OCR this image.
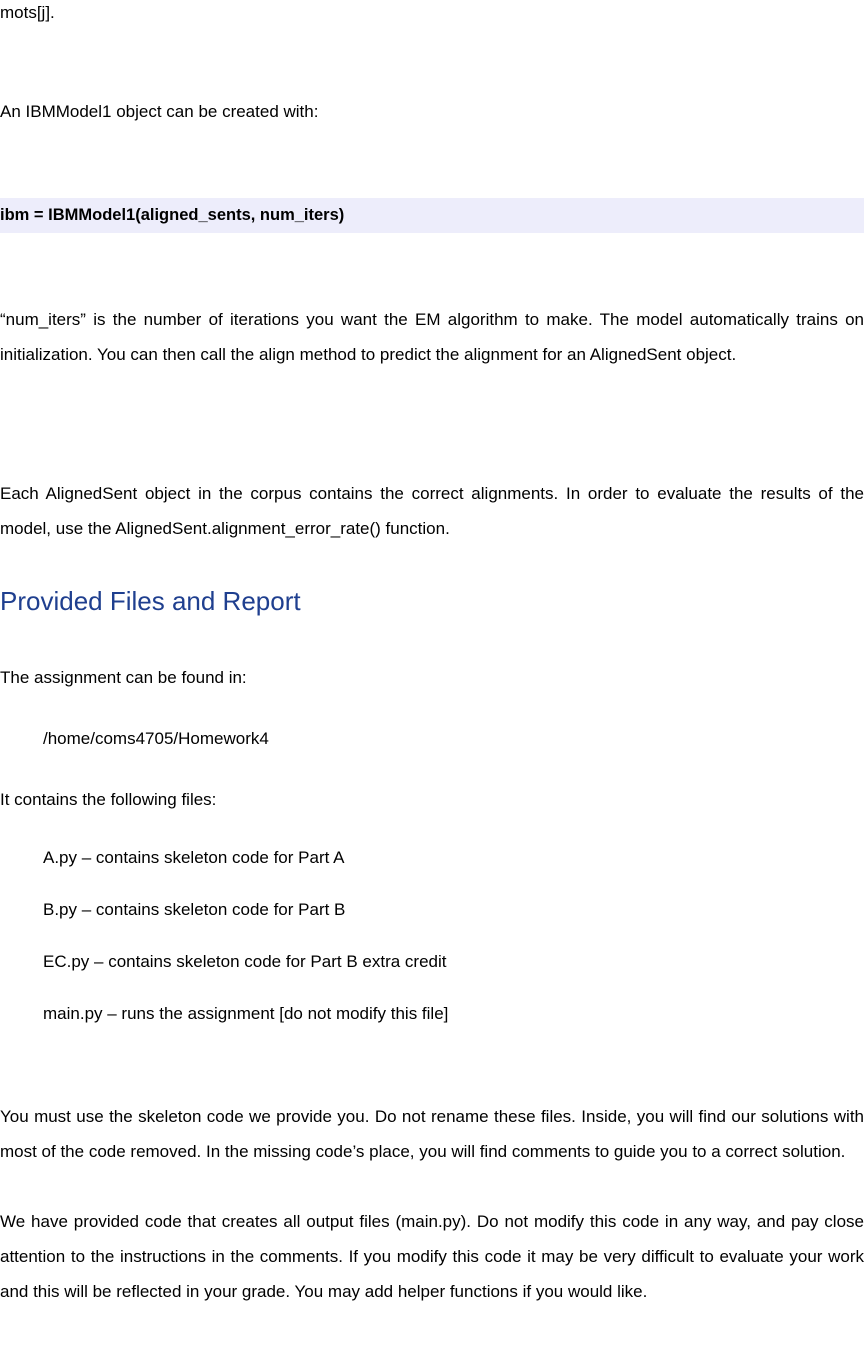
mots[j].

An IBMModel1 object can be created with:

ibm = IBMModel1(aligned_sents, num_iters)

“num_iters” is the number of iterations you want the EM algorithm to make. The model automatically trains on initialization. You can then call the align method to predict the alignment for an AlignedSent object.

Each AlignedSent object in the corpus contains the correct alignments. In order to evaluate the results of the model, use the AlignedSent.alignment_error_rate() function.

Provided Files and Report

The assignment can be found in:

/home/coms4705/Homework4

It contains the following files:

A.py – contains skeleton code for Part A

B.py – contains skeleton code for Part B

EC.py – contains skeleton code for Part B extra credit

main.py – runs the assignment [do not modify this file]

You must use the skeleton code we provide you. Do not rename these files. Inside, you will find our solutions with most of the code removed. In the missing code’s place, you will find comments to guide you to a correct solution.

We have provided code that creates all output files (main.py). Do not modify this code in any way, and pay close attention to the instructions in the comments. If you modify this code it may be very difficult to evaluate your work and this will be reflected in your grade. You may add helper functions if you would like.
